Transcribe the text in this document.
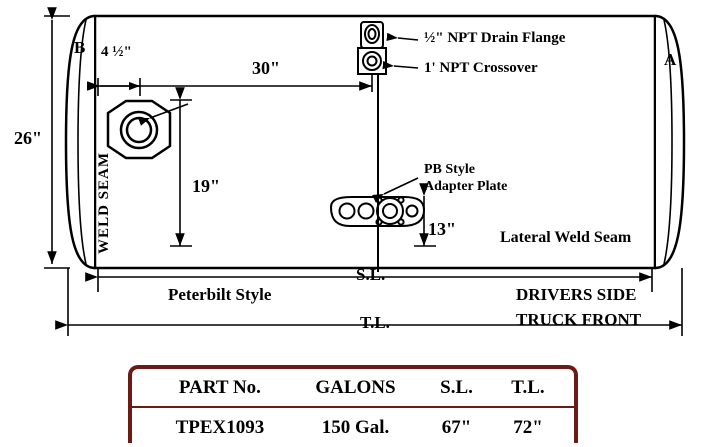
B
A
26"
4 ½"
30"
19"
13"
S.L.
T.L.
½" NPT Drain Flange
1' NPT Crossover
PB Style
Adapter Plate
Lateral Weld Seam
WELD SEAM
Peterbilt Style	DRIVERS SIDE
TRUCK FRONT
PART No.	GALONS	S.L.	T.L.
TPEX1093	150 Gal.	67"	72"
